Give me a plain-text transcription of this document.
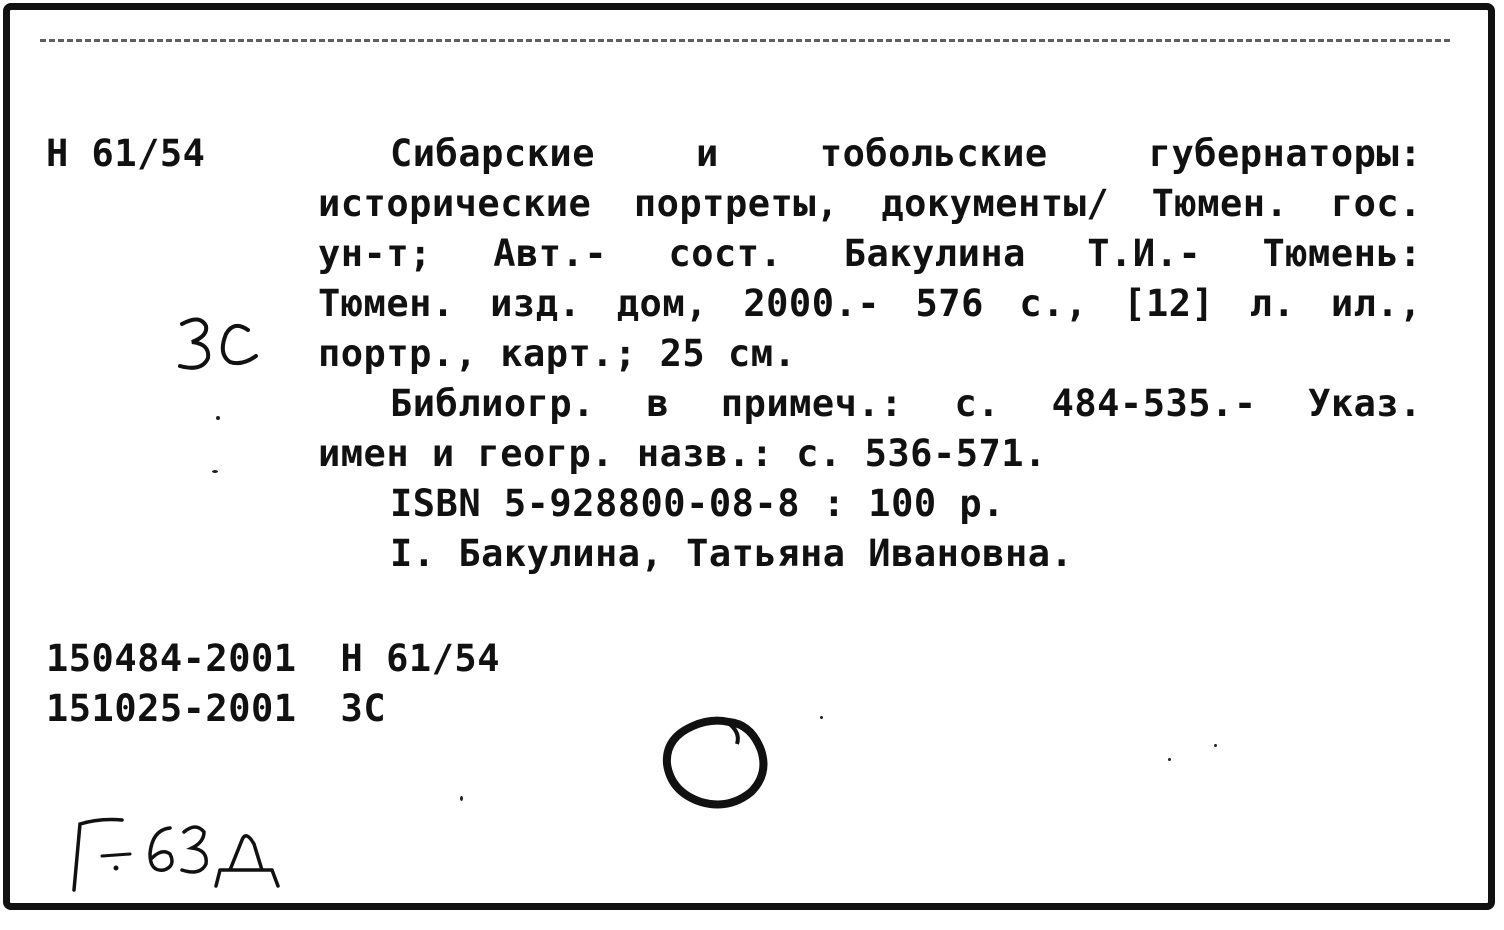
Н 61/54	Сибарские	и	тобольские	губернаторы:
исторические портреты, документы/ Тюмен. гос.
ун-т; Авт.- сост. Бакулина Т.И.- Тюмень:
Тюмен. изд. дом, 2000.- 576 с., [12] л. ил.,
портр., карт.; 25 см.
Библиогр. в примеч.: с. 484-535.- Указ.
имен и геогр. назв.: с. 536-571.
ISBN 5-928800-08-8 : 100 р.
I. Бакулина, Татьяна Ивановна.
150484-2001 Н 61/54
151025-2001 ЗС
